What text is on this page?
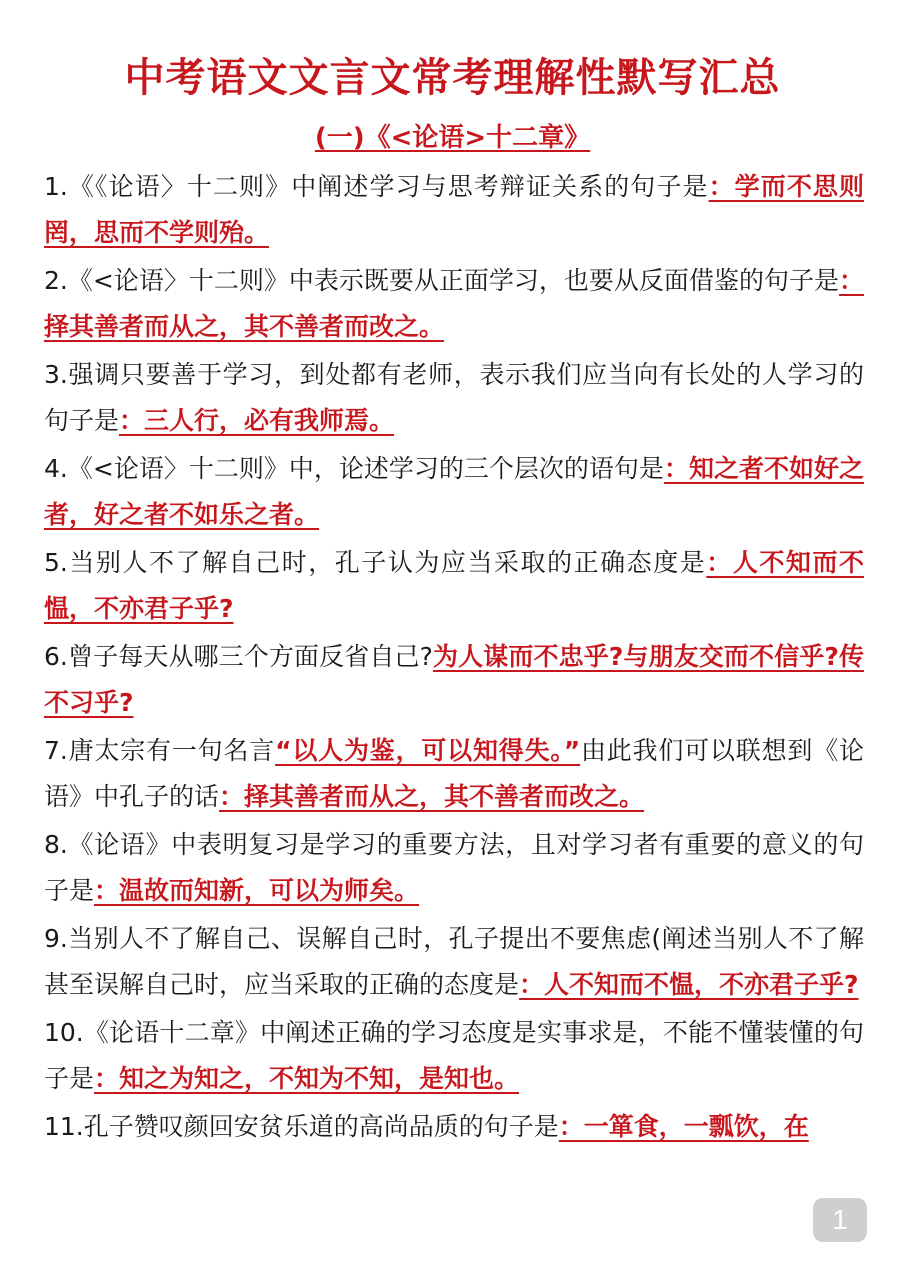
中考语文文言文常考理解性默写汇总
(一)《<论语>十二章》

1.《《论语〉十二则》中阐述学习与思考辩证关系的句子是：学而不思则罔，思而不学则殆。

2.《<论语〉十二则》中表示既要从正面学习，也要从反面借鉴的句子是：择其善者而从之，其不善者而改之。

3.强调只要善于学习，到处都有老师，表示我们应当向有长处的人学习的句子是：三人行，必有我师焉。

4.《<论语〉十二则》中，论述学习的三个层次的语句是：知之者不如好之者，好之者不如乐之者。

5.当别人不了解自己时，孔子认为应当采取的正确态度是：人不知而不愠，不亦君子乎?

6.曾子每天从哪三个方面反省自己?为人谋而不忠乎?与朋友交而不信乎?传不习乎?

7.唐太宗有一句名言“以人为鉴，可以知得失。”由此我们可以联想到《论语》中孔子的话：择其善者而从之，其不善者而改之。

8.《论语》中表明复习是学习的重要方法，且对学习者有重要的意义的句子是：温故而知新，可以为师矣。

9.当别人不了解自己、误解自己时，孔子提出不要焦虑(阐述当别人不了解甚至误解自己时，应当采取的正确的态度是：人不知而不愠，不亦君子乎?

10.《论语十二章》中阐述正确的学习态度是实事求是，不能不懂装懂的句子是：知之为知之，不知为不知，是知也。

11.孔子赞叹颜回安贫乐道的高尚品质的句子是：一箪食，一瓢饮，在

1
